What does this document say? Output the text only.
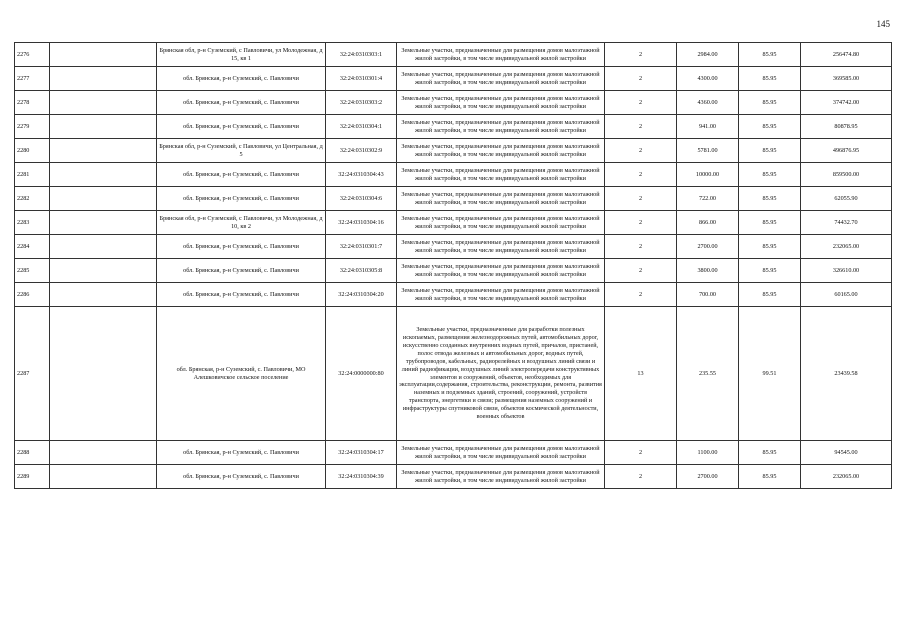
145
2276		Брянская обл, р-н Суземский, с Павловичи, ул Молодежная, д 15, кв 1	32:24:0310303:1	Земельные участки, предназначенные для размещения домов малоэтажной жилой застройки, в том числе индивидуальной жилой застройки	2	2984.00	85.95	256474.80
2277		обл. Брянская, р-н Суземский, с. Павловичи	32:24:0310301:4	Земельные участки, предназначенные для размещения домов малоэтажной жилой застройки, в том числе индивидуальной жилой застройки	2	4300.00	85.95	369585.00
2278		обл. Брянская, р-н Суземский, с. Павловичи	32:24:0310303:2	Земельные участки, предназначенные для размещения домов малоэтажной жилой застройки, в том числе индивидуальной жилой застройки	2	4360.00	85.95	374742.00
2279		обл. Брянская, р-н Суземский, с. Павловичи	32:24:0310304:1	Земельные участки, предназначенные для размещения домов малоэтажной жилой застройки, в том числе индивидуальной жилой застройки	2	941.00	85.95	80878.95
2280		Брянская обл, р-н Суземский, с Павловичи, ул Центральная, д 5	32:24:0310302:9	Земельные участки, предназначенные для размещения домов малоэтажной жилой застройки, в том числе индивидуальной жилой застройки	2	5781.00	85.95	496876.95
2281		обл. Брянская, р-н Суземский, с. Павловичи	32:24:0310304:43	Земельные участки, предназначенные для размещения домов малоэтажной жилой застройки, в том числе индивидуальной жилой застройки	2	10000.00	85.95	859500.00
2282		обл. Брянская, р-н Суземский, с. Павловичи	32:24:0310304:6	Земельные участки, предназначенные для размещения домов малоэтажной жилой застройки, в том числе индивидуальной жилой застройки	2	722.00	85.95	62055.90
2283		Брянская обл, р-н Суземский, с Павловичи, ул Молодежная, д 10, кв 2	32:24:0310304:16	Земельные участки, предназначенные для размещения домов малоэтажной жилой застройки, в том числе индивидуальной жилой застройки	2	866.00	85.95	74432.70
2284		обл. Брянская, р-н Суземский, с. Павловичи	32:24:0310301:7	Земельные участки, предназначенные для размещения домов малоэтажной жилой застройки, в том числе индивидуальной жилой застройки	2	2700.00	85.95	232065.00
2285		обл. Брянская, р-н Суземский, с. Павловичи	32:24:0310305:8	Земельные участки, предназначенные для размещения домов малоэтажной жилой застройки, в том числе индивидуальной жилой застройки	2	3800.00	85.95	326610.00
2286		обл. Брянская, р-н Суземский, с. Павловичи	32:24:0310304:20	Земельные участки, предназначенные для размещения домов малоэтажной жилой застройки, в том числе индивидуальной жилой застройки	2	700.00	85.95	60165.00
2287		обл. Брянская, р-н Суземский, с. Павловичи, МО Алешковичское сельское поселение	32:24:0000000:80	Земельные участки, предназначенные для разработки полезных ископаемых, размещения железнодорожных путей, автомобильных дорог, искусственно созданных внутренних водных путей, причалов, пристаней, полос отвода железных и автомобильных дорог, водных путей, трубопроводов, кабельных, радиорелейных и воздушных линий связи и линий радиофикации, воздушных линий электропередачи конструктивных элементов и сооружений, объектов, необходимых для эксплуатации,содержания, строительства, реконструкции, ремонта, развития наземных и подземных зданий, строений, сооружений, устройств транспорта, энергетики и связи; размещения наземных сооружений и инфраструктуры спутниковой связи, объектов космической деятельности, военных объектов	13	235.55	99.51	23439.58
2288		обл. Брянская, р-н Суземский, с. Павловичи	32:24:0310304:17	Земельные участки, предназначенные для размещения домов малоэтажной жилой застройки, в том числе индивидуальной жилой застройки	2	1100.00	85.95	94545.00
2289		обл. Брянская, р-н Суземский, с. Павловичи	32:24:0310304:39	Земельные участки, предназначенные для размещения домов малоэтажной жилой застройки, в том числе индивидуальной жилой застройки	2	2700.00	85.95	232065.00
